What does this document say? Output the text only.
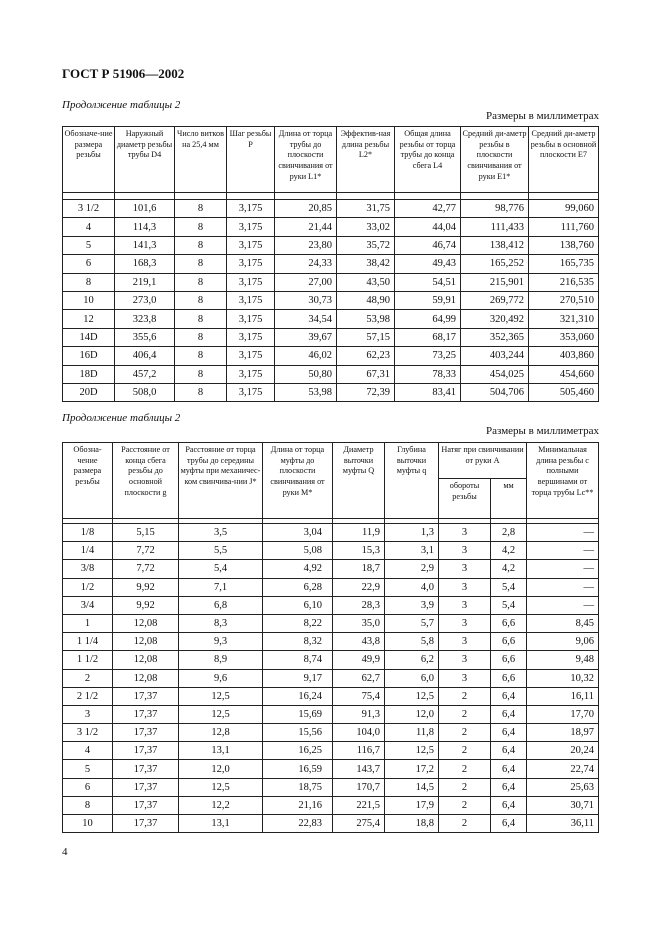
ГОСТ Р 51906—2002
Продолжение таблицы 2
Размеры в миллиметрах
Обозначе-ние размера резьбы	Наружный диаметр резьбы трубы D4	Число витков на 25,4 мм	Шаг резьбы P	Длина от торца трубы до плоскости свинчивания от руки L1*	Эффектив-ная длина резьбы L2*	Общая длина резьбы от торца трубы до конца сбега L4	Средний ди-аметр резьбы в плоскости свинчивания от руки E1*	Средний ди-аметр резьбы в основной плоскости E7

3 1/2	101,6	8	3,175	20,85	31,75	42,77	98,776	99,060
4	114,3	8	3,175	21,44	33,02	44,04	111,433	111,760
5	141,3	8	3,175	23,80	35,72	46,74	138,412	138,760
6	168,3	8	3,175	24,33	38,42	49,43	165,252	165,735
8	219,1	8	3,175	27,00	43,50	54,51	215,901	216,535
10	273,0	8	3,175	30,73	48,90	59,91	269,772	270,510
12	323,8	8	3,175	34,54	53,98	64,99	320,492	321,310
14D	355,6	8	3,175	39,67	57,15	68,17	352,365	353,060
16D	406,4	8	3,175	46,02	62,23	73,25	403,244	403,860
18D	457,2	8	3,175	50,80	67,31	78,33	454,025	454,660
20D	508,0	8	3,175	53,98	72,39	83,41	504,706	505,460
Продолжение таблицы 2
Размеры в миллиметрах
Обозна-чение размера резьбы	Расстояние от конца сбега резьбы до основной плоскости g	Расстояние от торца трубы до середины муфты при механичес-ком свинчива-нии J*	Длина от торца муфты до плоскости свинчивания от руки M*	Диаметр выточки муфты Q	Глубина выточки муфты q	Натяг при свинчивании от руки A		Минимальная длина резьбы с полными вершинами от торца трубы Lc**
						обороты резьбы	мм	

1/8	5,15	3,5	3,04	11,9	1,3	3	2,8	—
1/4	7,72	5,5	5,08	15,3	3,1	3	4,2	—
3/8	7,72	5,4	4,92	18,7	2,9	3	4,2	—
1/2	9,92	7,1	6,28	22,9	4,0	3	5,4	—
3/4	9,92	6,8	6,10	28,3	3,9	3	5,4	—
1	12,08	8,3	8,22	35,0	5,7	3	6,6	8,45
1 1/4	12,08	9,3	8,32	43,8	5,8	3	6,6	9,06
1 1/2	12,08	8,9	8,74	49,9	6,2	3	6,6	9,48
2	12,08	9,6	9,17	62,7	6,0	3	6,6	10,32
2 1/2	17,37	12,5	16,24	75,4	12,5	2	6,4	16,11
3	17,37	12,5	15,69	91,3	12,0	2	6,4	17,70
3 1/2	17,37	12,8	15,56	104,0	11,8	2	6,4	18,97
4	17,37	13,1	16,25	116,7	12,5	2	6,4	20,24
5	17,37	12,0	16,59	143,7	17,2	2	6,4	22,74
6	17,37	12,5	18,75	170,7	14,5	2	6,4	25,63
8	17,37	12,2	21,16	221,5	17,9	2	6,4	30,71
10	17,37	13,1	22,83	275,4	18,8	2	6,4	36,11
4
